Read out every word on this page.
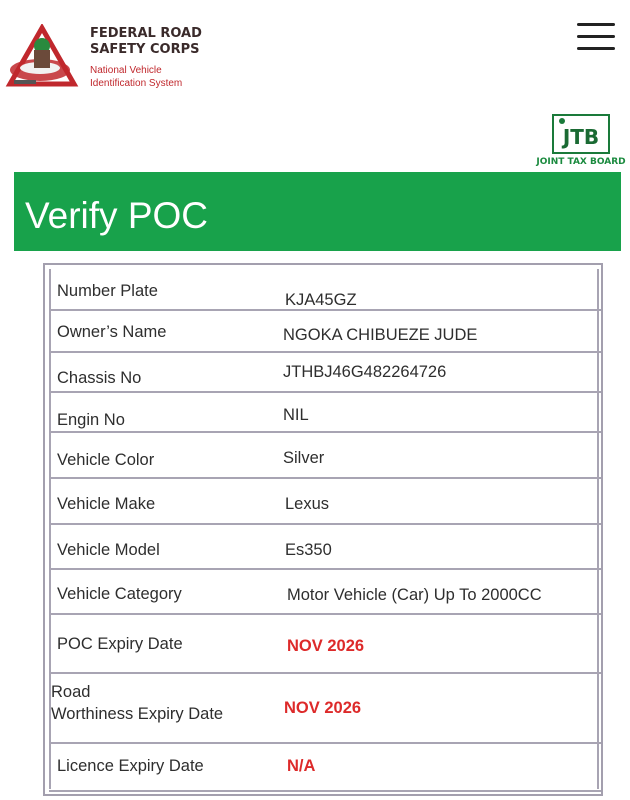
FEDERAL ROAD SAFETY CORPS
National Vehicle Identification System
JTB
JOINT TAX BOARD
Verify POC
Number Plate	KJA45GZ
Owner’s Name	NGOKA CHIBUEZE JUDE
Chassis No	JTHBJ46G482264726
Engin No	NIL
Vehicle Color	Silver
Vehicle Make	Lexus
Vehicle Model	Es350
Vehicle Category	Motor Vehicle (Car) Up To 2000CC
POC Expiry Date	NOV 2026
Road
Worthiness Expiry Date	NOV 2026
Licence Expiry Date	N/A
